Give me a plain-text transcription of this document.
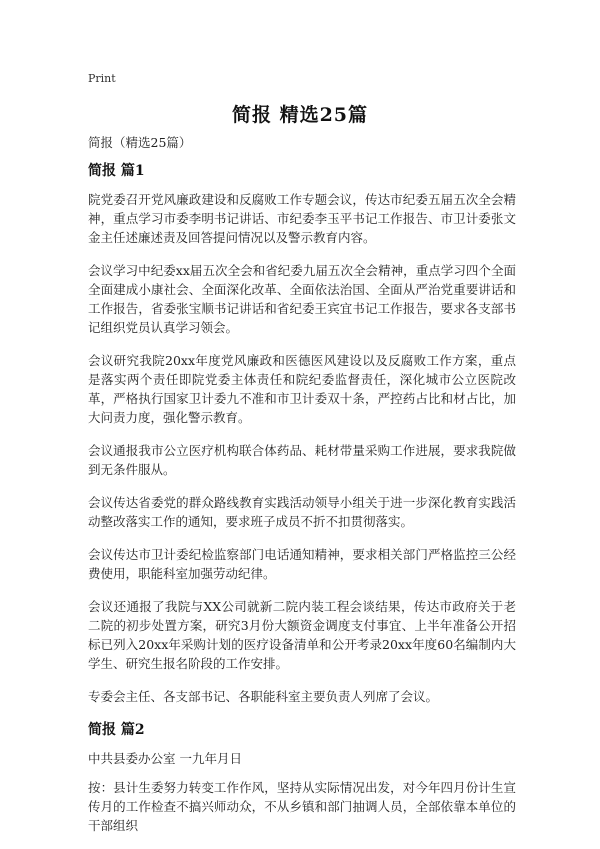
Print
简报 精选25篇
简报（精选25篇）
简报 篇1

院党委召开党风廉政建设和反腐败工作专题会议，传达市纪委五届五次全会精神，重点学习市委李明书记讲话、市纪委李玉平书记工作报告、市卫计委张文金主任述廉述责及回答提问情况以及警示教育内容。

会议学习中纪委xx届五次全会和省纪委九届五次全会精神，重点学习四个全面全面建成小康社会、全面深化改革、全面依法治国、全面从严治党重要讲话和工作报告，省委张宝顺书记讲话和省纪委王宾宜书记工作报告，要求各支部书记组织党员认真学习领会。

会议研究我院20xx年度党风廉政和医德医风建设以及反腐败工作方案，重点是落实两个责任即院党委主体责任和院纪委监督责任，深化城市公立医院改革，严格执行国家卫计委九不准和市卫计委双十条，严控药占比和材占比，加大问责力度，强化警示教育。

会议通报我市公立医疗机构联合体药品、耗材带量采购工作进展，要求我院做到无条件服从。

会议传达省委党的群众路线教育实践活动领导小组关于进一步深化教育实践活动整改落实工作的通知，要求班子成员不折不扣贯彻落实。

会议传达市卫计委纪检监察部门电话通知精神，要求相关部门严格监控三公经费使用，职能科室加强劳动纪律。

会议还通报了我院与XX公司就新二院内装工程会谈结果，传达市政府关于老二院的初步处置方案，研究3月份大额资金调度支付事宜、上半年准备公开招标已列入20xx年采购计划的医疗设备清单和公开考录20xx年度60名编制内大学生、研究生报名阶段的工作安排。

专委会主任、各支部书记、各职能科室主要负责人列席了会议。

简报 篇2

中共县委办公室 一九年月日

按：县计生委努力转变工作作风，坚持从实际情况出发，对今年四月份计生宣传月的工作检查不搞兴师动众，不从乡镇和部门抽调人员，全部依靠本单位的干部组织
